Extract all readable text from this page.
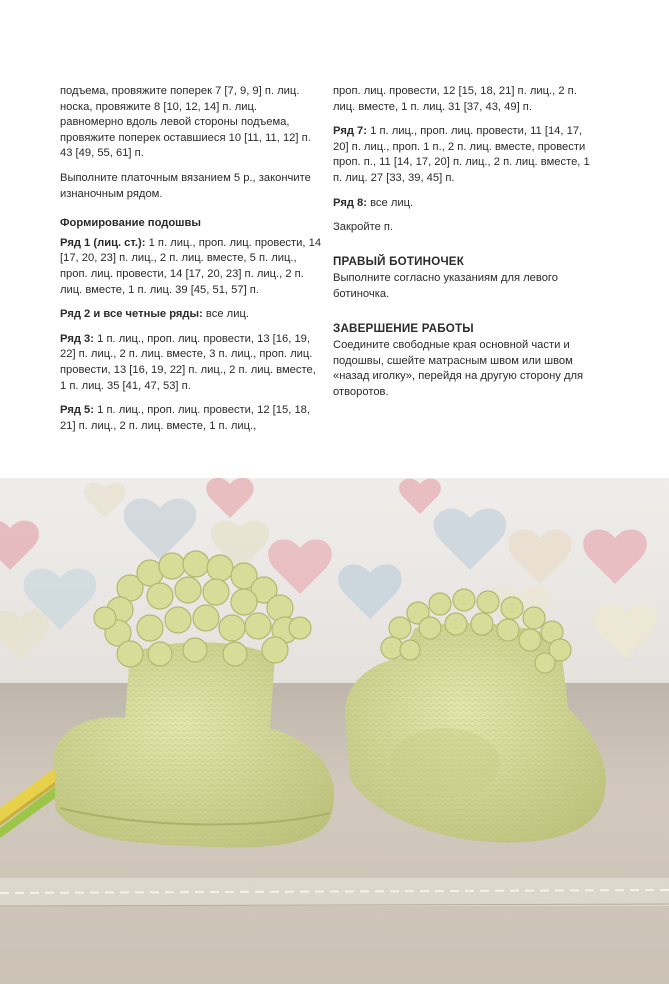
подъема, провяжите поперек 7 [7, 9, 9] п. лиц. носка, провяжите 8 [10, 12, 14] п. лиц. равномерно вдоль левой стороны подъема, провяжите поперек оставшиеся 10 [11, 11, 12] п. 43 [49, 55, 61] п.

Выполните платочным вязанием 5 р., закончите изнаночным рядом.

Формирование подошвы

Ряд 1 (лиц. ст.): 1 п. лиц., проп. лиц. провести, 14 [17, 20, 23] п. лиц., 2 п. лиц. вместе, 5 п. лиц., проп. лиц. провести, 14 [17, 20, 23] п. лиц., 2 п. лиц. вместе, 1 п. лиц. 39 [45, 51, 57] п.

Ряд 2 и все четные ряды: все лиц.

Ряд 3: 1 п. лиц., проп. лиц. провести, 13 [16, 19, 22] п. лиц., 2 п. лиц. вместе, 3 п. лиц., проп. лиц. провести, 13 [16, 19, 22] п. лиц., 2 п. лиц. вместе, 1 п. лиц. 35 [41, 47, 53] п.

Ряд 5: 1 п. лиц., проп. лиц. провести, 12 [15, 18, 21] п. лиц., 2 п. лиц. вместе, 1 п. лиц.,

проп. лиц. провести, 12 [15, 18, 21] п. лиц., 2 п. лиц. вместе, 1 п. лиц. 31 [37, 43, 49] п.

Ряд 7: 1 п. лиц., проп. лиц. провести, 11 [14, 17, 20] п. лиц., проп. 1 п., 2 п. лиц. вместе, провести проп. п., 11 [14, 17, 20] п. лиц., 2 п. лиц. вместе, 1 п. лиц. 27 [33, 39, 45] п.

Ряд 8: все лиц.

Закройте п.

ПРАВЫЙ БОТИНОЧЕК

Выполните согласно указаниям для левого ботиночка.

ЗАВЕРШЕНИЕ РАБОТЫ

Соедините свободные края основной части и подошвы, сшейте матрасным швом или швом «назад иголку», перейдя на другую сторону для отворотов.
